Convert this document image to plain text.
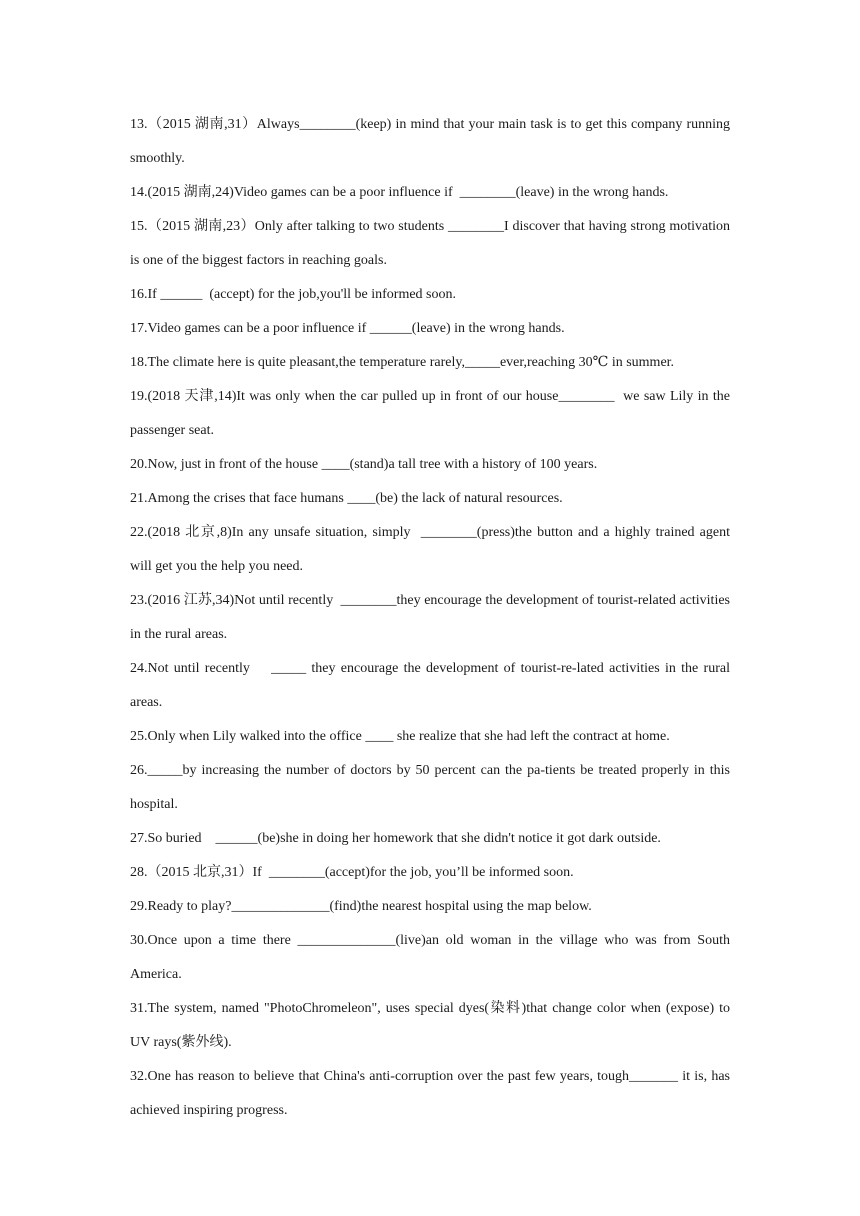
13.（2015 湖南,31）Always________(keep) in mind that your main task is to get this company running smoothly.

14.(2015 湖南,24)Video games can be a poor influence if  ________(leave) in the wrong hands.

15.（2015 湖南,23）Only after talking to two students ________I discover that having strong motivation is one of the biggest factors in reaching goals.

16.If ______  (accept) for the job,you'll be informed soon.

17.Video games can be a poor influence if ______(leave) in the wrong hands.

18.The climate here is quite pleasant,the temperature rarely,_____ever,reaching 30℃ in summer.

19.(2018 天津,14)It was only when the car pulled up in front of our house________  we saw Lily in the passenger seat.

20.Now, just in front of the house ____(stand)a tall tree with a history of 100 years.

21.Among the crises that face humans ____(be) the lack of natural resources.

22.(2018 北京,8)In any unsafe situation, simply  ________(press)the button and a highly trained agent will get you the help you need.

23.(2016 江苏,34)Not until recently  ________they encourage the development of tourist-related activities in the rural areas.

24.Not until recently    _____ they encourage the development of tourist-re-lated activities in the rural areas.

25.Only when Lily walked into the office ____ she realize that she had left the contract at home.

26._____by increasing the number of doctors by 50 percent can the pa-tients be treated properly in this hospital.

27.So buried    ______(be)she in doing her homework that she didn't notice it got dark outside.

28.（2015 北京,31）If  ________(accept)for the job, you’ll be informed soon.

29.Ready to play?______________(find)the nearest hospital using the map below.

30.Once upon a time there ______________(live)an old woman in the village who was from South America.

31.The system, named "PhotoChromeleon", uses special dyes(染料)that change color when (expose) to UV rays(紫外线).

32.One has reason to believe that China's anti-corruption over the past few years, tough_______ it is, has achieved inspiring progress.
